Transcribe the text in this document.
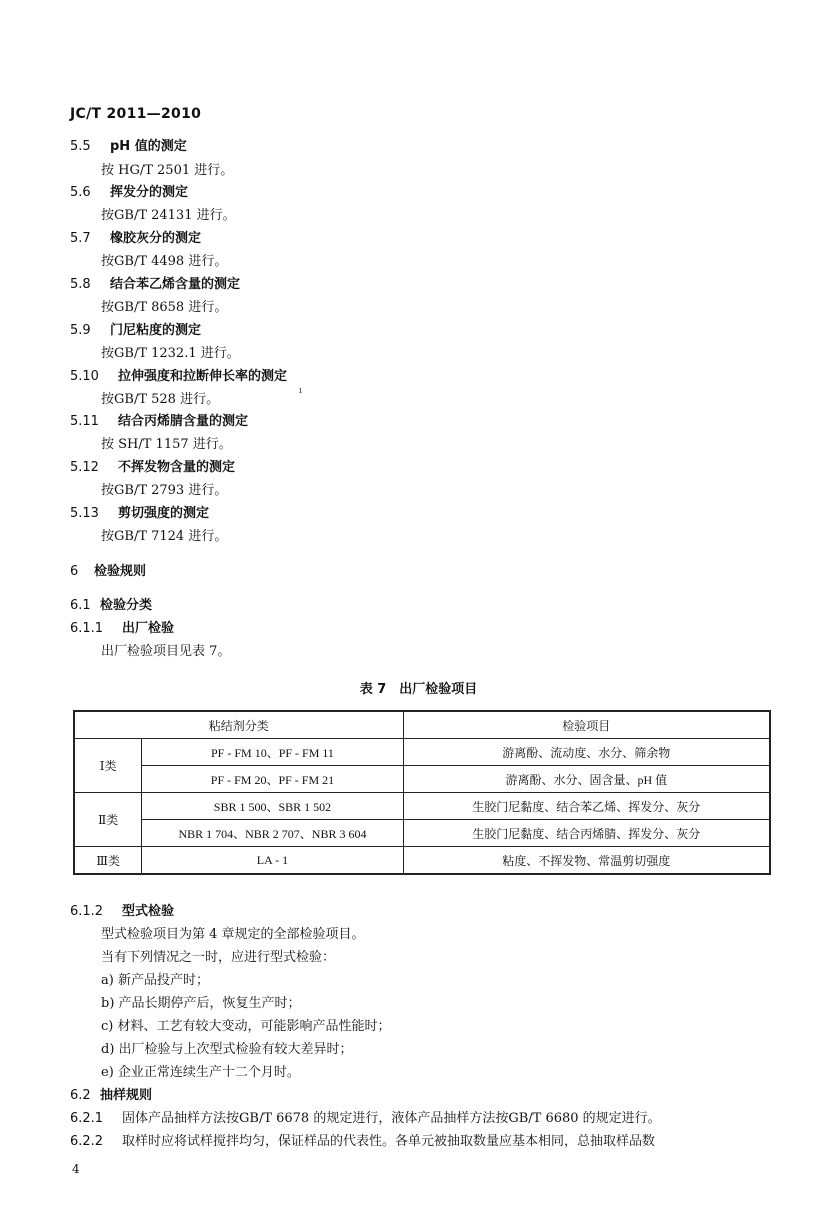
JC/T 2011—2010
5.5 pH 值的测定
按 HG/T 2501 进行。
5.6 挥发分的测定
按GB/T 24131 进行。
5.7 橡胶灰分的测定
按GB/T 4498 进行。
5.8 结合苯乙烯含量的测定
按GB/T 8658 进行。
5.9 门尼粘度的测定
按GB/T 1232.1 进行。
5.10 拉伸强度和拉断伸长率的测定
ı
按GB/T 528 进行。
5.11 结合丙烯腈含量的测定
按 SH/T 1157 进行。
5.12 不挥发物含量的测定
按GB/T 2793 进行。
5.13 剪切强度的测定
按GB/T 7124 进行。
6 检验规则
6.1 检验分类
6.1.1 出厂检验
出厂检验项目见表 7。
表 7　出厂检验项目
粘结剂分类		检验项目
Ⅰ类	PF - FM 10、PF - FM 11	游离酚、流动度、水分、筛余物
	PF - FM 20、PF - FM 21	游离酚、水分、固含量、pH 值
Ⅱ类	SBR 1 500、SBR 1 502	生胶门尼黏度、结合苯乙烯、挥发分、灰分
	NBR 1 704、NBR 2 707、NBR 3 604	生胶门尼黏度、结合丙烯腈、挥发分、灰分
Ⅲ类	LA - 1	粘度、不挥发物、常温剪切强度
6.1.2 型式检验
型式检验项目为第 4 章规定的全部检验项目。
当有下列情况之一时，应进行型式检验：
a) 新产品投产时；
b) 产品长期停产后，恢复生产时；
c) 材料、工艺有较大变动，可能影响产品性能时；
d) 出厂检验与上次型式检验有较大差异时；
e) 企业正常连续生产十二个月时。
6.2 抽样规则
6.2.1 固体产品抽样方法按GB/T 6678 的规定进行，液体产品抽样方法按GB/T 6680 的规定进行。
6.2.2 取样时应将试样搅拌均匀，保证样品的代表性。各单元被抽取数量应基本相同，总抽取样品数
4
